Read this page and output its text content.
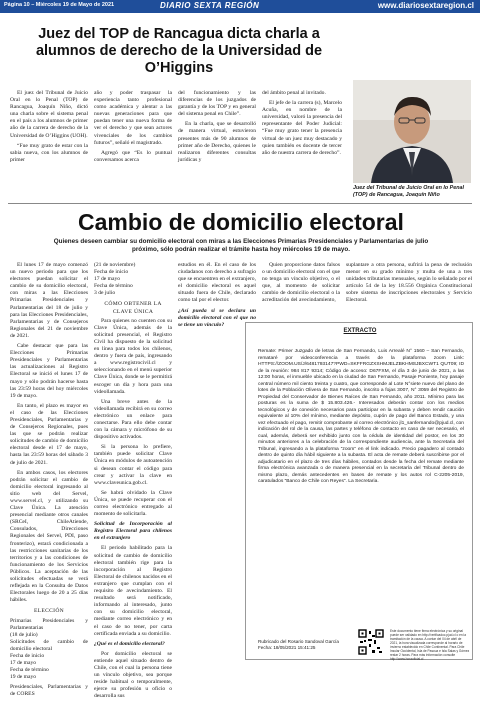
Página 10 – Miércoles 19 de Mayo de 2021	DIARIO SEXTA REGIÓN	www.diariosextaregion.cl
Juez del TOP de Rancagua dicta charla a alumnos de derecho de la Universidad de O’Higgins

El juez del Tribunal de Juicio Oral en lo Penal (TOP) de Rancagua, Joaquín Niño, dictó una charla sobre el sistema penal en el país a los alumnos de primer año de la carrera de derecho de la Universidad de O’Higgins (UOH).

“Fue muy grato de estar con la sabia nueva, con los alumnos de primer

año y poder traspasar la experiencia tanto profesional como académica y alentar a las nuevas generaciones para que puedan tener una nueva forma de ver el derecho y que sean actores vivenciales de los cambios futuros”, señaló el magistrado.

Agregó que “Es lo puntual conversamos acerca

del funcionamiento y las diferencias de los juzgados de garantía y de los TOP y en general del sistema penal en Chile”.

En la charla, que se desarrolló de manera virtual, estuvieron presentes más de 90 alumnos de primer año de Derecho, quienes le realizaron diferentes consultas jurídicas y

del ámbito penal al invitado.

El jefe de la carrera (s), Marcelo Acuña, en nombre de la universidad, valoró la presencia del representante del Poder Judicial: “Fue muy grato tener la presencia virtual de un juez muy destacado y quien también es docente de tercer año de nuestra carrera de derecho”.

Juez del Tribunal de Juicio Oral en lo Penal (TOP) de Rancagua, Joaquín Niño
Cambio de domicilio electoral
Quienes deseen cambiar su domicilio electoral con miras a las Elecciones Primarias Presidenciales y Parlamentarias de julio próximo, sólo podrán realizar el trámite hasta hoy miércoles 19 de mayo.

El lunes 17 de mayo comenzó un nuevo periodo para que los electores puedan solicitar el cambio de su domicilio electoral, con miras a las Elecciones Primarias Presidenciales y Parlamentarias del 18 de julio y para las Elecciones Presidenciales, Parlamentarias y de Consejeros Regionales del 21 de noviembre de 2021.

Cabe destacar que para las Elecciones Primarias Presidenciales y Parlamentarias las actualizaciones al Registro Electoral se inició el lunes 17 de mayo y sólo podrán hacerse hasta las 23:59 horas del hoy miércoles 19 de mayo.

En tanto, el plazo es mayor en el caso de las Elecciones Presidenciales, Parlamentarias y de Consejeros Regionales, pues las que se podrán realizar solicitudes de cambio de domicilio electoral desde el 17 de mayo, hasta las 23:59 horas del sábado 3 de julio de 2021.

En ambos casos, los electores podrán solicitar el cambio de domicilio electoral ingresando al sitio web del Servel, www.servel.cl, y utilizando su Clave Única. La atención presencial mediante otros canales (SRCeI, ChileAtiende, Consulados, Direcciones Regionales del Servel, PDI, paso fronterizo), estará condicionada a las restricciones sanitarias de los territorios y a las condiciones de funcionamiento de los Servicios Públicos. La aceptación de las solicitudes efectuadas se verá reflejada en la Consulta de Datos Electorales luego de 20 a 25 días hábiles.

ELECCIÓN
Primarias Presidenciales y Parlamentarias
(18 de julio)
Solicitudes de cambio de domicilio electoral
Fecha de inicio
17 de mayo
Fecha de término
19 de mayo
Presidenciales, Parlamentarias y de CORES
(21 de noviembre)
Fecha de inicio
17 de mayo
Fecha de término
3 de julio
CÓMO OBTENER LA CLAVE ÚNICA

Para quienes no cuenten con su Clave Única, además de la solicitud presencial, el Registro Civil ha dispuesto de la solicitud en línea para todos los chilenos, dentro y fuera de país, ingresando a www.registrocivil.cl y seleccionando en el menú superior Clave Única, donde se le permitirá escoger un día y hora para una videollamada.

Una breve antes de la videollamada recibirá en su correo electrónico un enlace para conectarse. Para ello debe contar con la cámara y micrófono de su dispositivo activados.

Si la persona lo prefiere, también puede solicitar Clave Única en módulos de autoatención si desean contar el código para crear y activar la clave en www.claveunica.gob.cl.

Se habrá olvidado la Clave Única, se puede recuperar con el correo electrónico entregado al momento de solicitarla.

Solicitud de Incorporación al Registro Electoral para chilenos en el extranjero

El periodo habilitado para la solicitud de cambio de domicilio electoral también rige para la incorporación al Registro Electoral de chilenos nacidos en el extranjero que cumplan con el requisito de avecindamiento. El resultado será notificado, informando al interesado, junto con su domicilio electoral, mediante correo electrónico y en el caso de no tener, por carta certificada enviada a su domicilio.

¿Qué es el domicilio electoral?

Por domicilio electoral se entiende aquel situado dentro de Chile, con el cual la persona tiene un vínculo objetivo, sea porque reside habitual o temporalmente, ejerce su profesión u oficio o desarrolla sus

estudios en él. En el caso de los ciudadanos con derecho a sufragio que se encuentren en el extranjero, el domicilio electoral es aquel situado fuera de Chile, declarado como tal por el elector.

¿Así pueda si se declara un domicilio electoral con el que no se tiene un vínculo?

Quien proporcione datos falsos o un domicilio electoral con el que no tenga un vínculo objetivo, o el que, al momento de solicitar cambio de domicilio electoral o la acreditación del avecindamiento,

suplantare a otra persona, sufrirá la pena de reclusión menor en su grado mínimo y multa de una a tres unidades tributarias mensuales, según lo señalado por el artículo 54 de la ley 18.556 Orgánica Constitucional sobre sistema de inscripciones electorales y Servicio Electoral.

EXTRACTO
Remate: Primer Juzgado de letras de San Fernando, Luis Arrealé N° 1560 – San Fernando, remataré por videoconferencia a través de la plataforma zoom Link: HTTPS://ZOOM.US/J/6481793147?PWD=SKFFRGZXSHMJELZBKHMSJBXCWT1 QUT09; ID de la reunión: 984 817 9314; Código de acceso: D67FXM, el día 3 de junio de 2021, a las 12:00 horas, el inmueble ubicado en la ciudad de San Fernando, Pasaje Poniente, hoy pasaje central número mil ciento treinta y cuatro, que corresponde al Lote N°siete nuevo del plano de lotes de la Población Olivera de San Fernando, inscrito a fojas 3007, N° 3059 del Registro de Propiedad del Conservador de Bienes Raíces de San Fernando, año 2011. Mínimo para las posturas es la suma de $ 15.803.426.- Interesados deberán contar con los medios tecnológicos y de conexión necesarios para participar en la subasta y deben rendir caución equivalente al 10% del mínimo, mediante depósito, cupón de pago del Banco Estado, y una vez efectuado el pago, remitir comprobante al correo electrónico jl1_sanfernando@pjud.cl, con indicación del rol de la causa, las partes y teléfono de contacto en caso de ser necesario, el cual, además, deberá ser exhibido junto con la cédula de identidad del postor, en los 30 minutos anteriores a la celebración de la correspondiente audiencia, ante la Secretaria del Tribunal, ingresando a la plataforma “zoom” en el link indicado. Precio pagadero al contado dentro de quinto día hábil siguiente a la subasta. El acta de remate deberá suscribirse por el adjudicatario en el plazo de tres días hábiles, contados desde la fecha del remate mediante firma electrónica avanzada o de manera presencial en la secretaría del Tribunal dentro de mismo plazo, demás antecedentes en bases de remate y los autos rol C-2205-2019, caratulados “Banco de Chile con Reyes”. La Secretaria.
Rubricado del Rosario Sandoval García
Fecha: 18/05/2021 15:41:25
Este documento tiene firma electrónica y su original puede ser validado en http://verificadoc.pjud.cl o en la tramitación de la causa. A contar del 04 de abril de 2021, la hora visualizada corresponde al horario de invierno establecido en Chile Continental. Para Chile Insular Occidental, Isla de Pascua e Isla Salas y Gómez restar 2 horas. Para más información consulte http://www.horaoficial.cl
